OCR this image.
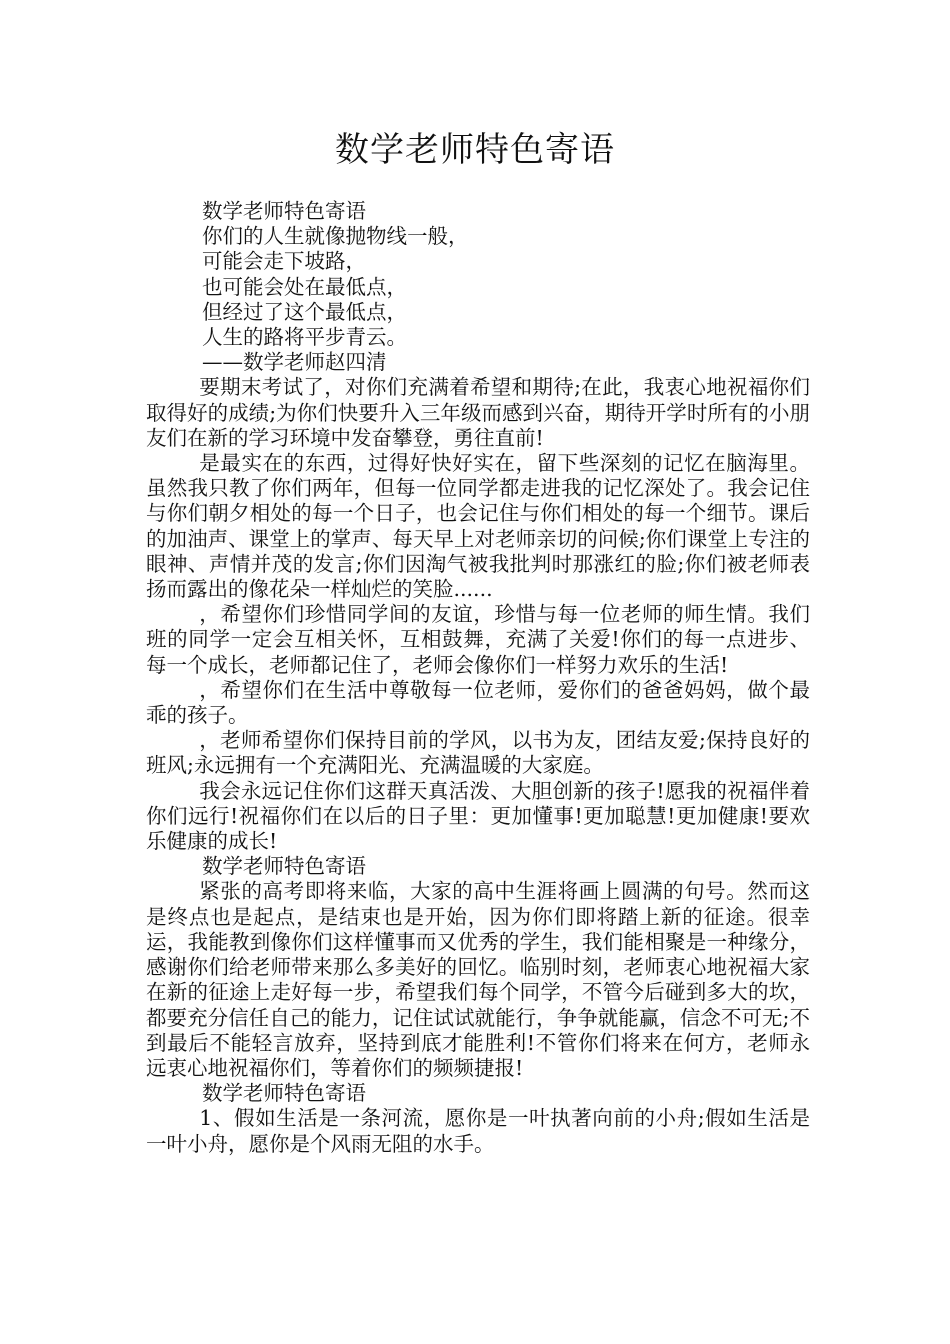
数学老师特色寄语

数学老师特色寄语

你们的人生就像抛物线一般，

可能会走下坡路，

也可能会处在最低点，

但经过了这个最低点，

人生的路将平步青云。

——数学老师赵四清

要期末考试了，对你们充满着希望和期待;在此，我衷心地祝福你们取得好的成绩;为你们快要升入三年级而感到兴奋，期待开学时所有的小朋友们在新的学习环境中发奋攀登，勇往直前!

是最实在的东西，过得好快好实在，留下些深刻的记忆在脑海里。虽然我只教了你们两年，但每一位同学都走进我的记忆深处了。我会记住与你们朝夕相处的每一个日子，也会记住与你们相处的每一个细节。课后的加油声、课堂上的掌声、每天早上对老师亲切的问候;你们课堂上专注的眼神、声情并茂的发言;你们因淘气被我批判时那涨红的脸;你们被老师表扬而露出的像花朵一样灿烂的笑脸......

，希望你们珍惜同学间的友谊，珍惜与每一位老师的师生情。我们班的同学一定会互相关怀，互相鼓舞，充满了关爱!你们的每一点进步、每一个成长，老师都记住了，老师会像你们一样努力欢乐的生活!

，希望你们在生活中尊敬每一位老师，爱你们的爸爸妈妈，做个最乖的孩子。

，老师希望你们保持目前的学风，以书为友，团结友爱;保持良好的班风;永远拥有一个充满阳光、充满温暖的大家庭。

我会永远记住你们这群天真活泼、大胆创新的孩子!愿我的祝福伴着你们远行!祝福你们在以后的日子里：更加懂事!更加聪慧!更加健康!要欢乐健康的成长!

数学老师特色寄语

紧张的高考即将来临，大家的高中生涯将画上圆满的句号。然而这是终点也是起点，是结束也是开始，因为你们即将踏上新的征途。很幸运，我能教到像你们这样懂事而又优秀的学生，我们能相聚是一种缘分，感谢你们给老师带来那么多美好的回忆。临别时刻，老师衷心地祝福大家在新的征途上走好每一步，希望我们每个同学，不管今后碰到多大的坎，都要充分信任自己的能力，记住试试就能行，争争就能赢，信念不可无;不到最后不能轻言放弃，坚持到底才能胜利!不管你们将来在何方，老师永远衷心地祝福你们，等着你们的频频捷报!

数学老师特色寄语

1、假如生活是一条河流，愿你是一叶执著向前的小舟;假如生活是一叶小舟，愿你是个风雨无阻的水手。
